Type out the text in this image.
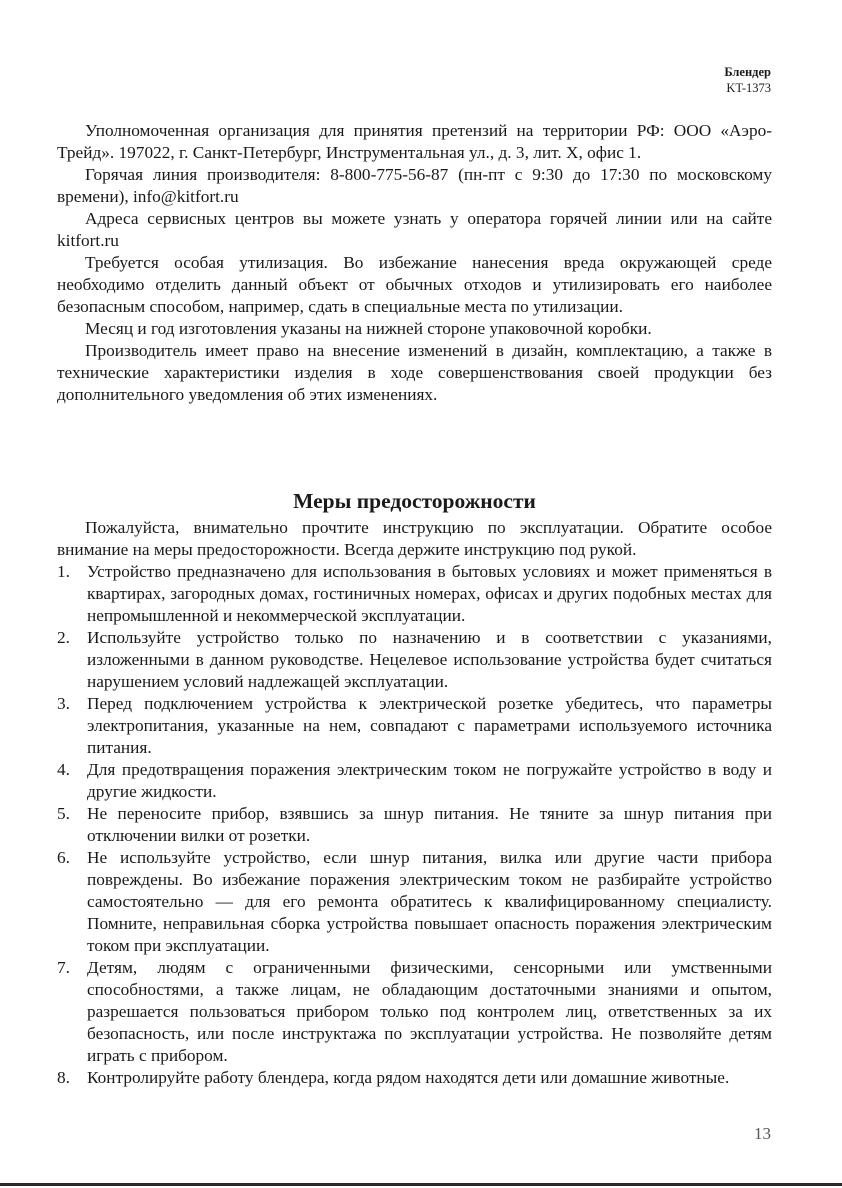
Блендер
KT-1373

Уполномоченная организация для принятия претензий на территории РФ: ООО «Аэро-Трейд». 197022, г. Санкт-Петербург, Инструментальная ул., д. 3, лит. Х, офис 1.

Горячая линия производителя: 8-800-775-56-87 (пн-пт с 9:30 до 17:30 по московскому времени), info@kitfort.ru

Адреса сервисных центров вы можете узнать у оператора горячей линии или на сайте kitfort.ru

Требуется особая утилизация. Во избежание нанесения вреда окружающей среде необходимо отделить данный объект от обычных отходов и утилизировать его наиболее безопасным способом, например, сдать в специальные места по утилизации.

Месяц и год изготовления указаны на нижней стороне упаковочной коробки.

Производитель имеет право на внесение изменений в дизайн, комплектацию, а также в технические характеристики изделия в ходе совершенствования своей продукции без дополнительного уведомления об этих изменениях.

Меры предосторожности

Пожалуйста, внимательно прочтите инструкцию по эксплуатации. Обратите особое внимание на меры предосторожности. Всегда держите инструкцию под рукой.

1. Устройство предназначено для использования в бытовых условиях и может применяться в квартирах, загородных домах, гостиничных номерах, офисах и других подобных местах для непромышленной и некоммерческой эксплуатации.
2. Используйте устройство только по назначению и в соответствии с указаниями, изложенными в данном руководстве. Нецелевое использование устройства будет считаться нарушением условий надлежащей эксплуатации.
3. Перед подключением устройства к электрической розетке убедитесь, что параметры электропитания, указанные на нем, совпадают с параметрами используемого источника питания.
4. Для предотвращения поражения электрическим током не погружайте устройство в воду и другие жидкости.
5. Не переносите прибор, взявшись за шнур питания. Не тяните за шнур питания при отключении вилки от розетки.
6. Не используйте устройство, если шнур питания, вилка или другие части прибора повреждены. Во избежание поражения электрическим током не разбирайте устройство самостоятельно — для его ремонта обратитесь к квалифицированному специалисту. Помните, неправильная сборка устройства повышает опасность поражения электрическим током при эксплуатации.
7. Детям, людям с ограниченными физическими, сенсорными или умственными способностями, а также лицам, не обладающим достаточными знаниями и опытом, разрешается пользоваться прибором только под контролем лиц, ответственных за их безопасность, или после инструктажа по эксплуатации устройства. Не позволяйте детям играть с прибором.
8. Контролируйте работу блендера, когда рядом находятся дети или домашние животные.
13
